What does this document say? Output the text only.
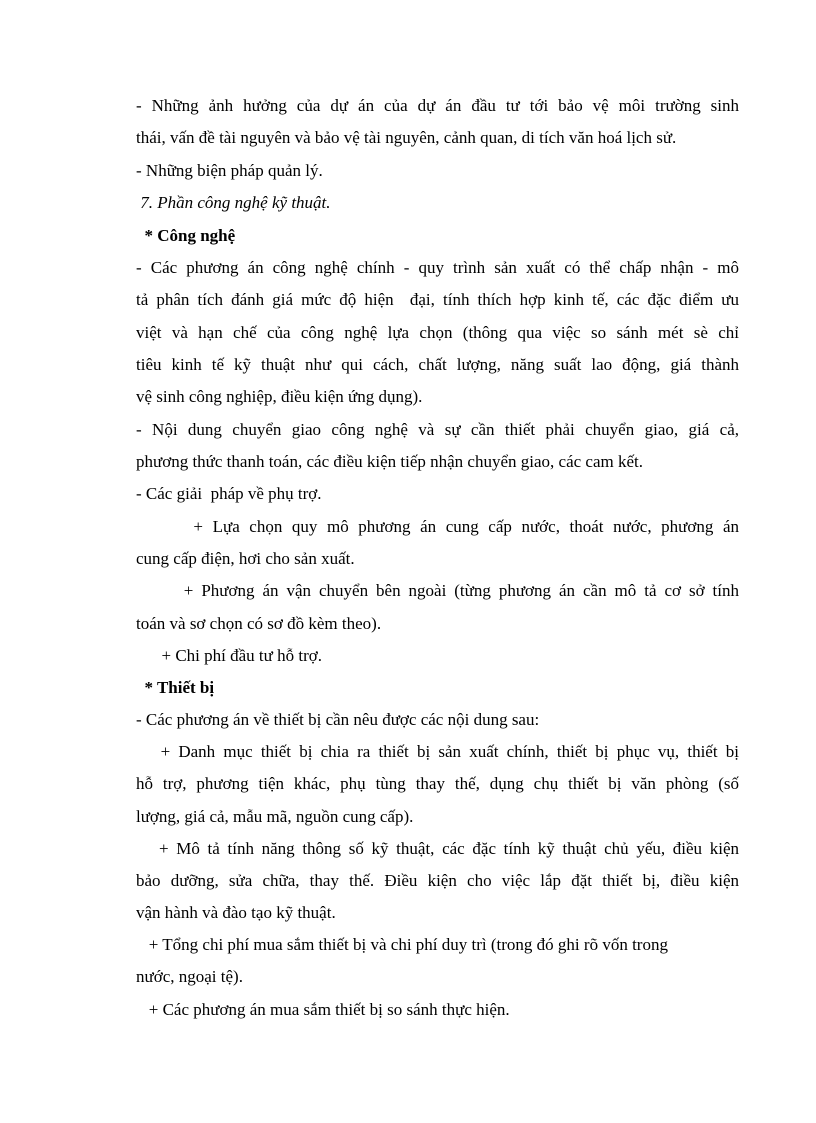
- Những ảnh hưởng của dự án của dự án đầu tư tới bảo vệ môi trường sinh
thái, vấn đề tài nguyên và bảo vệ tài nguyên, cảnh quan, di tích văn hoá lịch sử.
- Những biện pháp quản lý.
7. Phần công nghệ kỹ thuật.
* Công nghệ
- Các phương án công nghệ chính - quy trình sản xuất có thể chấp nhận - mô
tả phân tích đánh giá mức độ hiện  đại, tính thích hợp kinh tế, các đặc điểm ưu
việt và hạn chế của công nghệ lựa chọn (thông qua việc so sánh mét sè chỉ
tiêu kinh tế kỹ thuật như qui cách, chất lượng, năng suất lao động, giá thành
vệ sinh công nghiệp, điều kiện ứng dụng).
- Nội dung chuyển giao công nghệ và sự cần thiết phải chuyển giao, giá cả,
phương thức thanh toán, các điều kiện tiếp nhận chuyển giao, các cam kết.
- Các giải  pháp về phụ trợ.
+ Lựa chọn quy mô phương án cung cấp nước, thoát nước, phương án
cung cấp điện, hơi cho sản xuất.
+ Phương án vận chuyển bên ngoài (từng phương án cần mô tả cơ sở tính
toán và sơ chọn có sơ đồ kèm theo).
+ Chi phí đầu tư hỗ trợ.
* Thiết bị
- Các phương án về thiết bị cần nêu được các nội dung sau:
+ Danh mục thiết bị chia ra thiết bị sản xuất chính, thiết bị phục vụ, thiết bị
hỗ trợ, phương tiện khác, phụ tùng thay thế, dụng chụ thiết bị văn phòng (số
lượng, giá cả, mẫu mã, nguồn cung cấp).
+ Mô tả tính năng thông số kỹ thuật, các đặc tính kỹ thuật chủ yếu, điều kiện
bảo dưỡng, sửa chữa, thay thế. Điều kiện cho việc lắp đặt thiết bị, điều kiện
vận hành và đào tạo kỹ thuật.
+ Tổng chi phí mua sắm thiết bị và chi phí duy trì (trong đó ghi rõ vốn trong
nước, ngoại tệ).
+ Các phương án mua sắm thiết bị so sánh thực hiện.
